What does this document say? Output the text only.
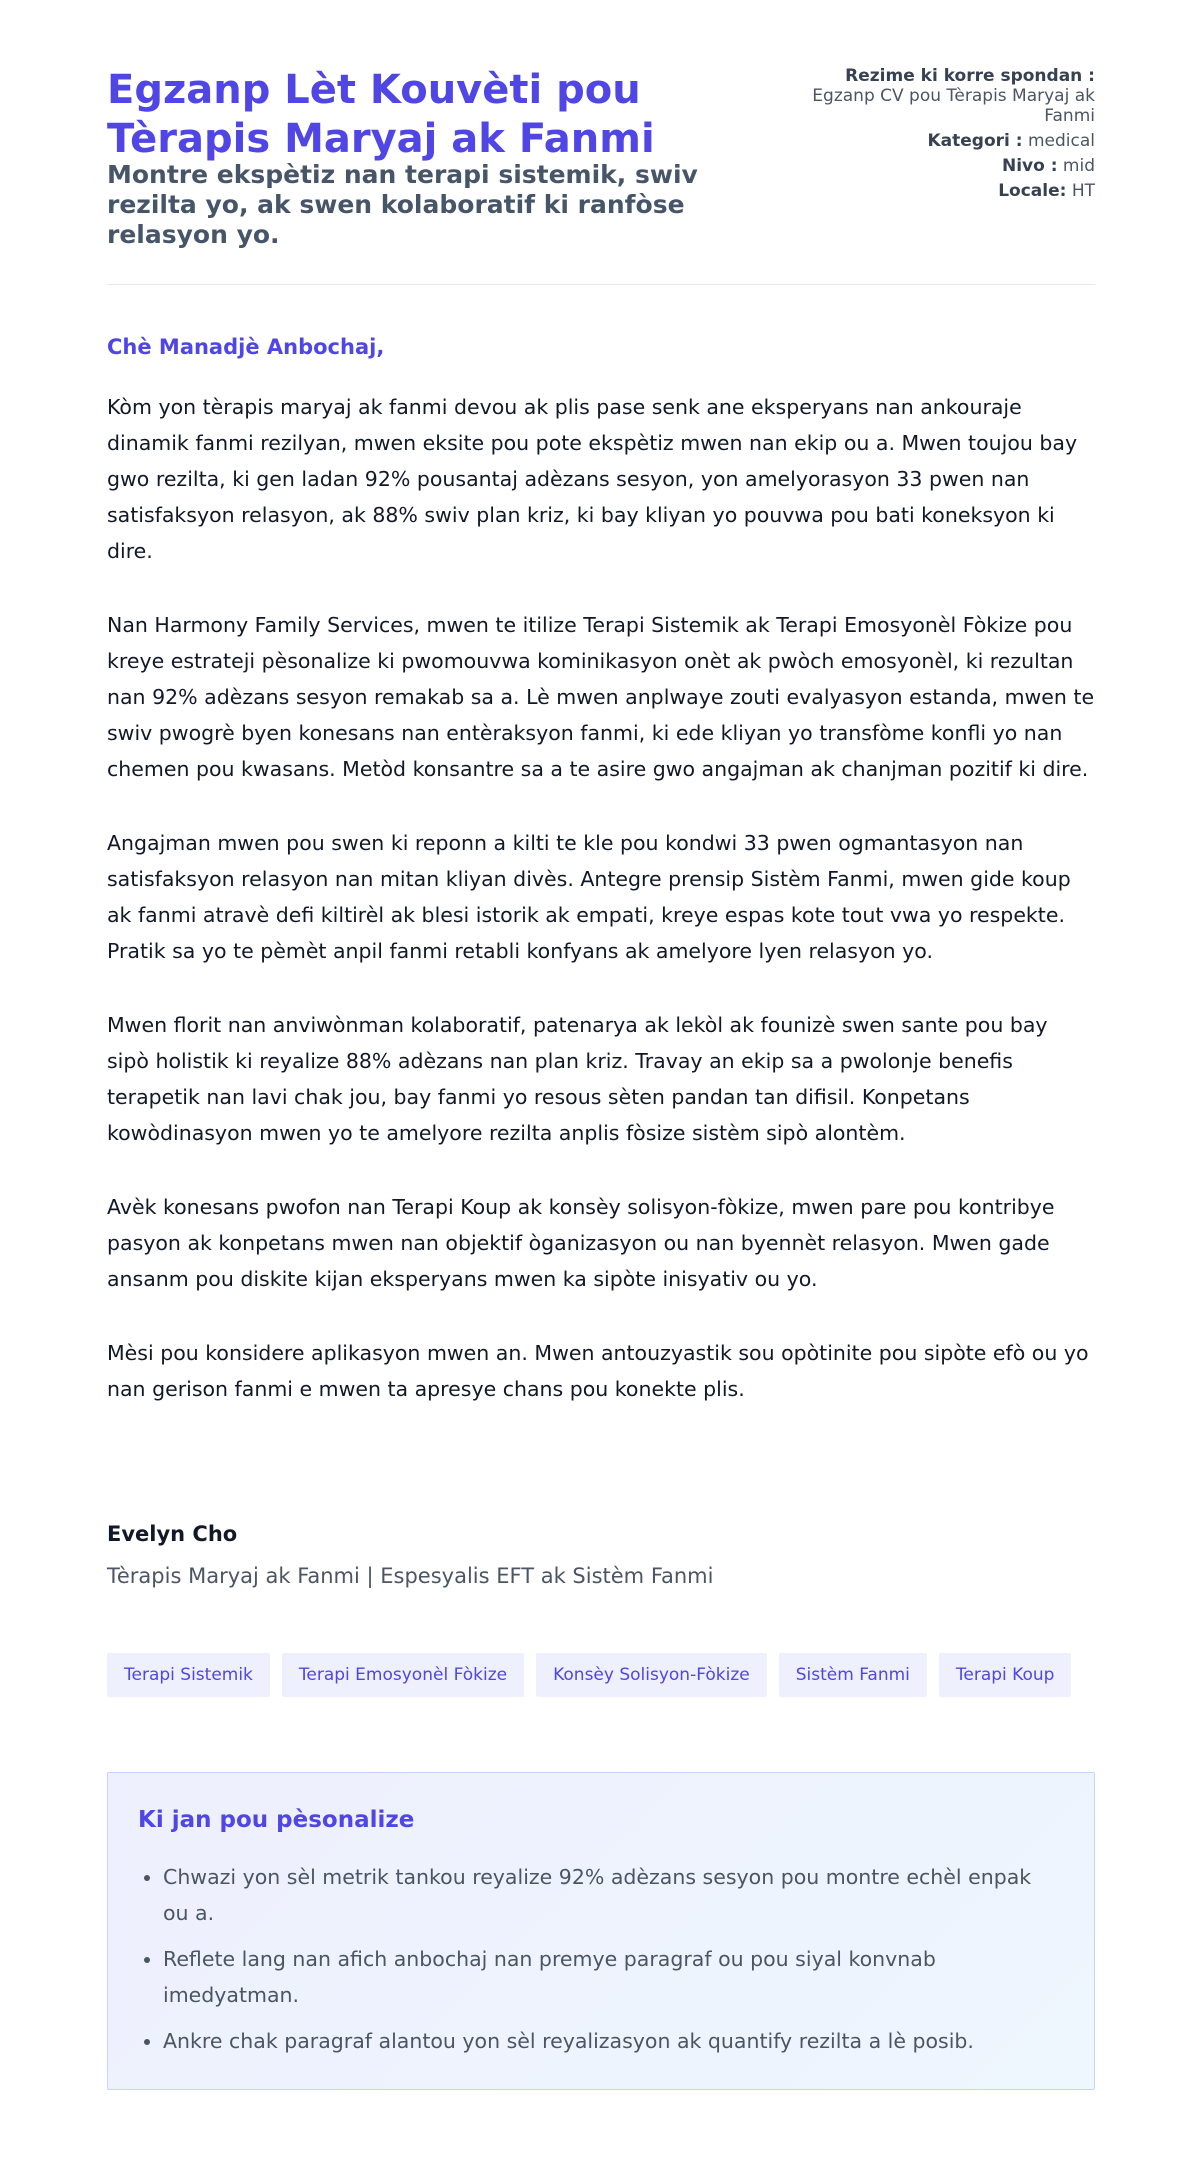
Egzanp Lèt Kouvèti pou Tèrapis Maryaj ak Fanmi
Montre ekspètiz nan terapi sistemik, swiv rezilta yo, ak swen kolaboratif ki ranfòse relasyon yo.
Rezime ki korre spondan :
Egzanp CV pou Tèrapis Maryaj ak Fanmi
Kategori : medical
Nivo : mid
Locale: HT
Chè Manadjè Anbochaj,

Kòm yon tèrapis maryaj ak fanmi devou ak plis pase senk ane eksperyans nan ankouraje dinamik fanmi rezilyan, mwen eksite pou pote ekspètiz mwen nan ekip ou a. Mwen toujou bay gwo rezilta, ki gen ladan 92% pousantaj adèzans sesyon, yon amelyorasyon 33 pwen nan satisfaksyon relasyon, ak 88% swiv plan kriz, ki bay kliyan yo pouvwa pou bati koneksyon ki dire.

Nan Harmony Family Services, mwen te itilize Terapi Sistemik ak Terapi Emosyonèl Fòkize pou kreye estrateji pèsonalize ki pwomouvwa kominikasyon onèt ak pwòch emosyonèl, ki rezultan nan 92% adèzans sesyon remakab sa a. Lè mwen anplwaye zouti evalyasyon estanda, mwen te swiv pwogrè byen konesans nan entèraksyon fanmi, ki ede kliyan yo transfòme konfli yo nan chemen pou kwasans. Metòd konsantre sa a te asire gwo angajman ak chanjman pozitif ki dire.

Angajman mwen pou swen ki reponn a kilti te kle pou kondwi 33 pwen ogmantasyon nan satisfaksyon relasyon nan mitan kliyan divès. Antegre prensip Sistèm Fanmi, mwen gide koup ak fanmi atravè defi kiltirèl ak blesi istorik ak empati, kreye espas kote tout vwa yo respekte. Pratik sa yo te pèmèt anpil fanmi retabli konfyans ak amelyore lyen relasyon yo.

Mwen florit nan anviwònman kolaboratif, patenarya ak lekòl ak founizè swen sante pou bay sipò holistik ki reyalize 88% adèzans nan plan kriz. Travay an ekip sa a pwolonje benefis terapetik nan lavi chak jou, bay fanmi yo resous sèten pandan tan difisil. Konpetans kowòdinasyon mwen yo te amelyore rezilta anplis fòsize sistèm sipò alontèm.

Avèk konesans pwofon nan Terapi Koup ak konsèy solisyon-fòkize, mwen pare pou kontribye pasyon ak konpetans mwen nan objektif òganizasyon ou nan byennèt relasyon. Mwen gade ansanm pou diskite kijan eksperyans mwen ka sipòte inisyativ ou yo.

Mèsi pou konsidere aplikasyon mwen an. Mwen antouzyastik sou opòtinite pou sipòte efò ou yo nan gerison fanmi e mwen ta apresye chans pou konekte plis.

Evelyn Cho
Tèrapis Maryaj ak Fanmi | Espesyalis EFT ak Sistèm Fanmi
Terapi Sistemik	Terapi Emosyonèl Fòkize	Konsèy Solisyon-Fòkize	Sistèm Fanmi	Terapi Koup
Ki jan pou pèsonalize
• Chwazi yon sèl metrik tankou reyalize 92% adèzans sesyon pou montre echèl enpak ou a.
• Reflete lang nan afich anbochaj nan premye paragraf ou pou siyal konvnab imedyatman.
• Ankre chak paragraf alantou yon sèl reyalizasyon ak quantify rezilta a lè posib.
